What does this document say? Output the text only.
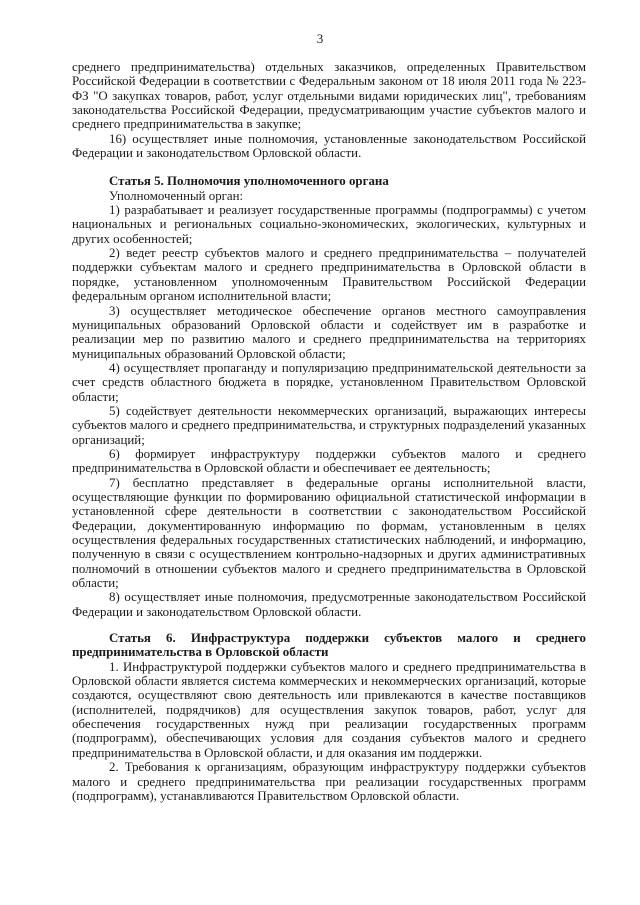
3

среднего предпринимательства) отдельных заказчиков, определенных Правительством Российской Федерации в соответствии с Федеральным законом от 18 июля 2011 года № 223-ФЗ "О закупках товаров, работ, услуг отдельными видами юридических лиц", требованиям законодательства Российской Федерации, предусматривающим участие субъектов малого и среднего предпринимательства в закупке;

16) осуществляет иные полномочия, установленные законодательством Российской Федерации и законодательством Орловской области.

Статья 5. Полномочия уполномоченного органа

Уполномоченный орган:

1) разрабатывает и реализует государственные программы (подпрограммы) с учетом национальных и региональных социально-экономических, экологических, культурных и других особенностей;

2) ведет реестр субъектов малого и среднего предпринимательства – получателей поддержки субъектам малого и среднего предпринимательства в Орловской области в порядке, установленном уполномоченным Правительством Российской Федерации федеральным органом исполнительной власти;

3) осуществляет методическое обеспечение органов местного самоуправления муниципальных образований Орловской области и содействует им в разработке и реализации мер по развитию малого и среднего предпринимательства на территориях муниципальных образований Орловской области;

4) осуществляет пропаганду и популяризацию предпринимательской деятельности за счет средств областного бюджета в порядке, установленном Правительством Орловской области;

5) содействует деятельности некоммерческих организаций, выражающих интересы субъектов малого и среднего предпринимательства, и структурных подразделений указанных организаций;

6) формирует инфраструктуру поддержки субъектов малого и среднего предпринимательства в Орловской области и обеспечивает ее деятельность;

7) бесплатно представляет в федеральные органы исполнительной власти, осуществляющие функции по формированию официальной статистической информации в установленной сфере деятельности в соответствии с законодательством Российской Федерации, документированную информацию по формам, установленным в целях осуществления федеральных государственных статистических наблюдений, и информацию, полученную в связи с осуществлением контрольно-надзорных и других административных полномочий в отношении субъектов малого и среднего предпринимательства в Орловской области;

8) осуществляет иные полномочия, предусмотренные законодательством Российской Федерации и законодательством Орловской области.

Статья 6. Инфраструктура поддержки субъектов малого и среднего предпринимательства в Орловской области

1. Инфраструктурой поддержки субъектов малого и среднего предпринимательства в Орловской области является система коммерческих и некоммерческих организаций, которые создаются, осуществляют свою деятельность или привлекаются в качестве поставщиков (исполнителей, подрядчиков) для осуществления закупок товаров, работ, услуг для обеспечения государственных нужд при реализации государственных программ (подпрограмм), обеспечивающих условия для создания субъектов малого и среднего предпринимательства в Орловской области, и для оказания им поддержки.

2. Требования к организациям, образующим инфраструктуру поддержки субъектов малого и среднего предпринимательства при реализации государственных программ (подпрограмм), устанавливаются Правительством Орловской области.
